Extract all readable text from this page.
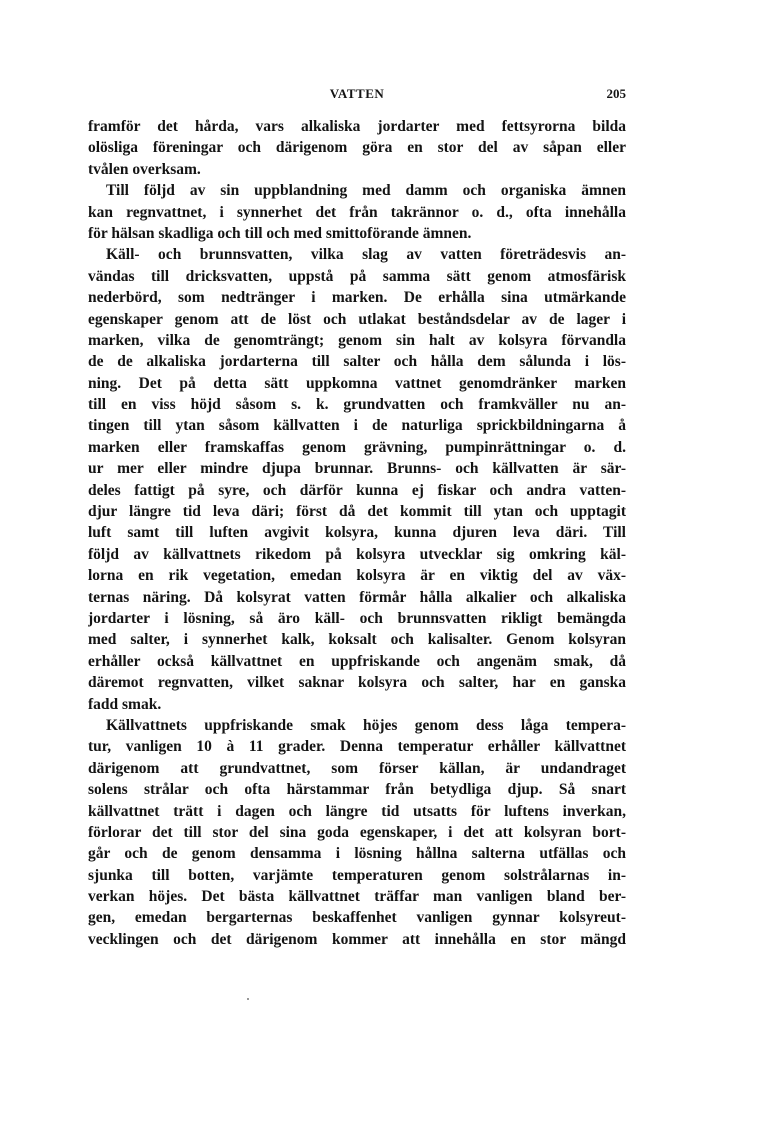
VATTEN	205
framför det hårda, vars alkaliska jordarter med fettsyrorna bilda
olösliga föreningar och därigenom göra en stor del av såpan eller
tvålen overksam.
Till följd av sin uppblandning med damm och organiska ämnen
kan regnvattnet, i synnerhet det från takrännor o. d., ofta innehålla
för hälsan skadliga och till och med smittoförande ämnen.
Käll- och brunnsvatten, vilka slag av vatten företrädesvis an-
vändas till dricksvatten, uppstå på samma sätt genom atmosfärisk
nederbörd, som nedtränger i marken. De erhålla sina utmärkande
egenskaper genom att de löst och utlakat beståndsdelar av de lager i
marken, vilka de genomträngt; genom sin halt av kolsyra förvandla
de de alkaliska jordarterna till salter och hålla dem sålunda i lös-
ning. Det på detta sätt uppkomna vattnet genomdränker marken
till en viss höjd såsom s. k. grundvatten och framkväller nu an-
tingen till ytan såsom källvatten i de naturliga sprickbildningarna å
marken eller framskaffas genom grävning, pumpinrättningar o. d.
ur mer eller mindre djupa brunnar. Brunns- och källvatten är sär-
deles fattigt på syre, och därför kunna ej fiskar och andra vatten-
djur längre tid leva däri; först då det kommit till ytan och upptagit
luft samt till luften avgivit kolsyra, kunna djuren leva däri. Till
följd av källvattnets rikedom på kolsyra utvecklar sig omkring käl-
lorna en rik vegetation, emedan kolsyra är en viktig del av väx-
ternas näring. Då kolsyrat vatten förmår hålla alkalier och alkaliska
jordarter i lösning, så äro käll- och brunnsvatten rikligt bemängda
med salter, i synnerhet kalk, koksalt och kalisalter. Genom kolsyran
erhåller också källvattnet en uppfriskande och angenäm smak, då
däremot regnvatten, vilket saknar kolsyra och salter, har en ganska
fadd smak.
Källvattnets uppfriskande smak höjes genom dess låga tempera-
tur, vanligen 10 à 11 grader. Denna temperatur erhåller källvattnet
därigenom att grundvattnet, som förser källan, är undandraget
solens strålar och ofta härstammar från betydliga djup. Så snart
källvattnet trätt i dagen och längre tid utsatts för luftens inverkan,
förlorar det till stor del sina goda egenskaper, i det att kolsyran bort-
går och de genom densamma i lösning hållna salterna utfällas och
sjunka till botten, varjämte temperaturen genom solstrålarnas in-
verkan höjes. Det bästa källvattnet träffar man vanligen bland ber-
gen, emedan bergarternas beskaffenhet vanligen gynnar kolsyreut-
vecklingen och det därigenom kommer att innehålla en stor mängd
